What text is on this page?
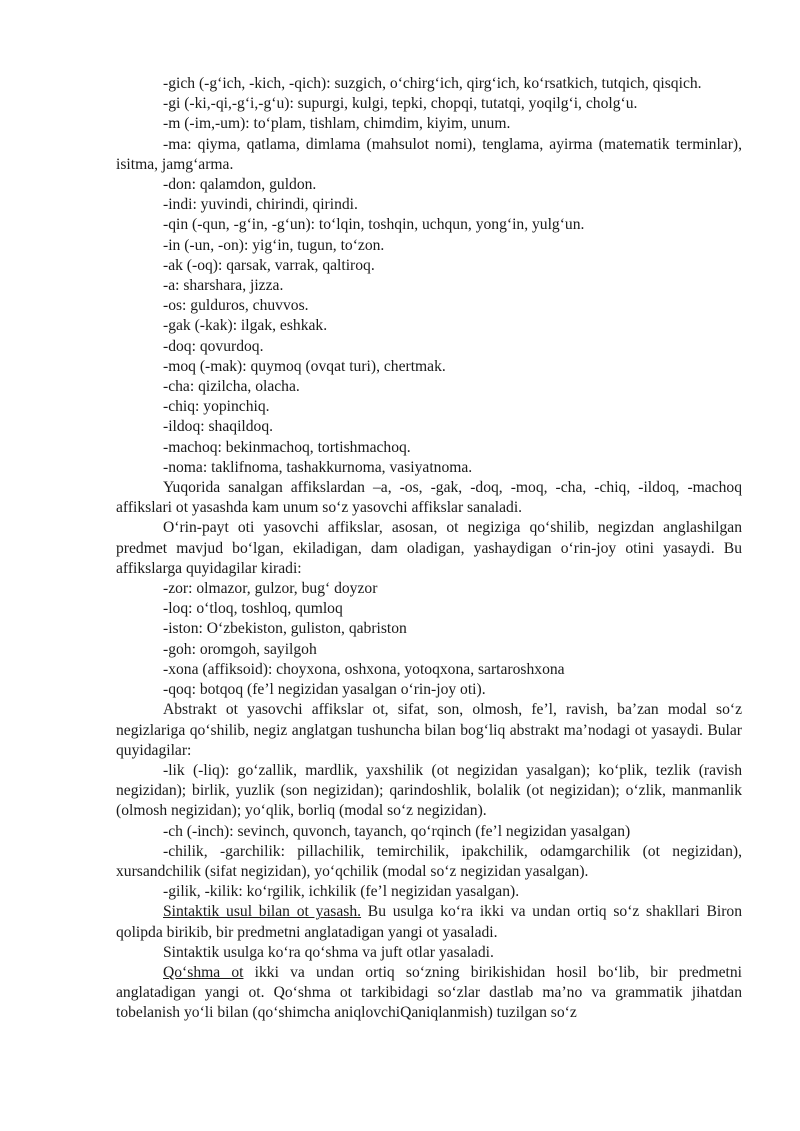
-gich (-g‘ich, -kich, -qich): suzgich, o‘chirg‘ich, qirg‘ich, ko‘rsatkich, tutqich, qisqich.

-gi (-ki,-qi,-g‘i,-g‘u): supurgi, kulgi, tepki, chopqi, tutatqi, yoqilg‘i, cholg‘u.

-m (-im,-um): to‘plam, tishlam, chimdim, kiyim, unum.

-ma: qiyma, qatlama, dimlama (mahsulot nomi), tenglama, ayirma (matematik terminlar), isitma, jamg‘arma.

-don: qalamdon, guldon.

-indi: yuvindi, chirindi, qirindi.

-qin (-qun, -g‘in, -g‘un): to‘lqin, toshqin, uchqun, yong‘in, yulg‘un.

-in (-un, -on): yig‘in, tugun, to‘zon.

-ak (-oq): qarsak, varrak, qaltiroq.

-a: sharshara, jizza.

-os: gulduros, chuvvos.

-gak (-kak): ilgak, eshkak.

-doq: qovurdoq.

-moq (-mak): quymoq (ovqat turi), chertmak.

-cha: qizilcha, olacha.

-chiq: yopinchiq.

-ildoq: shaqildoq.

-machoq: bekinmachoq, tortishmachoq.

-noma: taklifnoma, tashakkurnoma, vasiyatnoma.

Yuqorida sanalgan affikslardan –a, -os, -gak, -doq, -moq, -cha, -chiq, -ildoq, -machoq affikslari ot yasashda kam unum so‘z yasovchi affikslar sanaladi.

O‘rin-payt oti yasovchi affikslar, asosan, ot negiziga qo‘shilib, negizdan anglashilgan predmet mavjud bo‘lgan, ekiladigan, dam oladigan, yashaydigan o‘rin-joy otini yasaydi. Bu affikslarga quyidagilar kiradi:

-zor: olmazor, gulzor, bug‘ doyzor

-loq: o‘tloq, toshloq, qumloq

-iston: O‘zbekiston, guliston, qabriston

-goh: oromgoh, sayilgoh

-xona (affiksoid): choyxona, oshxona, yotoqxona, sartaroshxona

-qoq: botqoq (fe’l negizidan yasalgan o‘rin-joy oti).

Abstrakt ot yasovchi affikslar ot, sifat, son, olmosh, fe’l, ravish, ba’zan modal so‘z negizlariga qo‘shilib, negiz anglatgan tushuncha bilan bog‘liq abstrakt ma’nodagi ot yasaydi. Bular quyidagilar:

-lik (-liq): go‘zallik, mardlik, yaxshilik (ot negizidan yasalgan); ko‘plik, tezlik (ravish negizidan); birlik, yuzlik (son negizidan); qarindoshlik, bolalik (ot negizidan); o‘zlik, manmanlik (olmosh negizidan); yo‘qlik, borliq (modal so‘z negizidan).

-ch (-inch): sevinch, quvonch, tayanch, qo‘rqinch (fe’l negizidan yasalgan)

-chilik, -garchilik: pillachilik, temirchilik, ipakchilik, odamgarchilik (ot negizidan), xursandchilik (sifat negizidan), yo‘qchilik (modal so‘z negizidan yasalgan).

-gilik, -kilik: ko‘rgilik, ichkilik (fe’l negizidan yasalgan).

Sintaktik usul bilan ot yasash. Bu usulga ko‘ra ikki va undan ortiq so‘z shakllari Biron qolipda birikib, bir predmetni anglatadigan yangi ot yasaladi.

Sintaktik usulga ko‘ra qo‘shma va juft otlar yasaladi.

Qo‘shma ot ikki va undan ortiq so‘zning birikishidan hosil bo‘lib, bir predmetni anglatadigan yangi ot. Qo‘shma ot tarkibidagi so‘zlar dastlab ma’no va grammatik jihatdan tobelanish yo‘li bilan (qo‘shimcha aniqlovchiQaniqlanmish) tuzilgan so‘z
